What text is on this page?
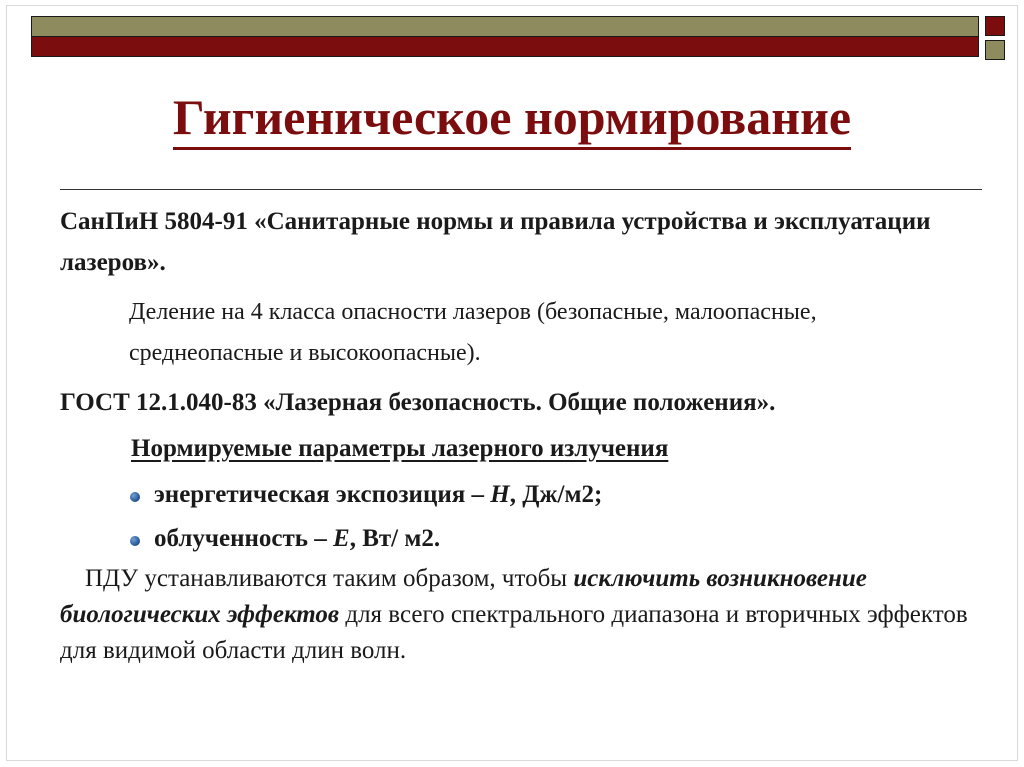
Гигиеническое нормирование

СанПиН 5804-91 «Санитарные нормы и правила устройства и эксплуатации лазеров».

Деление на 4 класса опасности лазеров (безопасные, малоопасные, среднеопасные и высокоопасные).

ГОСТ 12.1.040-83 «Лазерная безопасность. Общие положения».

Нормируемые параметры лазерного излучения

энергетическая экспозиция – Н, Дж/м2;
облученность – Е, Вт/ м2.

ПДУ устанавливаются таким образом, чтобы исключить возникновение биологических эффектов для всего спектрального диапазона и вторичных эффектов для видимой области длин волн.
